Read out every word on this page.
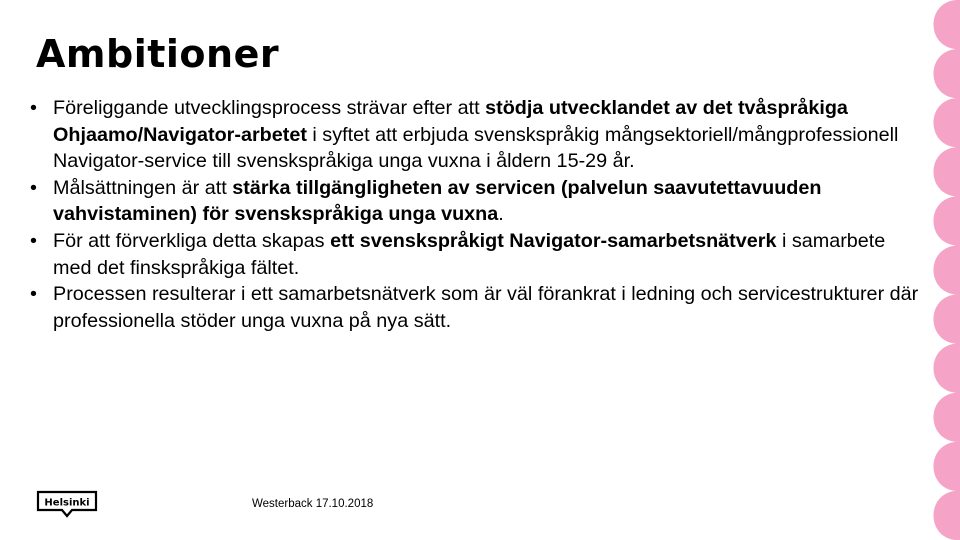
Ambitioner
• Föreliggande utvecklingsprocess strävar efter att stödja utvecklandet av det tvåspråkiga Ohjaamo/Navigator-arbetet i syftet att erbjuda svenskspråkig mångsektoriell/mångprofessionell Navigator-service till svenskspråkiga unga vuxna i åldern 15-29 år.
• Målsättningen är att stärka tillgängligheten av servicen (palvelun saavutettavuuden vahvistaminen) för svenskspråkiga unga vuxna.
• För att förverkliga detta skapas ett svenskspråkigt Navigator-samarbetsnätverk i samarbete med det finskspråkiga fältet.
• Processen resulterar i ett samarbetsnätverk som är väl förankrat i ledning och servicestrukturer där professionella stöder unga vuxna på nya sätt.
Helsinki	Westerback 17.10.2018
